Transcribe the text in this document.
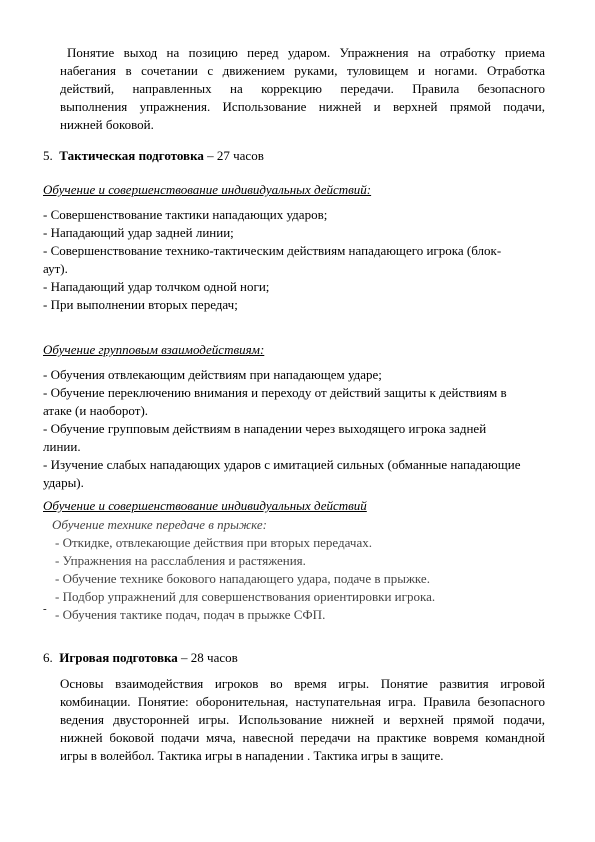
Понятие выход на позицию перед ударом. Упражнения на отработку приема
набегания в сочетании с движением руками, туловищем и ногами. Отработка
действий, направленных на коррекцию передачи. Правила безопасного
выполнения упражнения. Использование нижней и верхней прямой подачи,
нижней боковой.
5. Тактическая подготовка – 27 часов
Обучение и совершенствование индивидуальных действий:
- Совершенствование тактики нападающих ударов;
- Нападающий удар задней линии;
- Совершенствование технико-тактическим действиям нападающего игрока (блок-
аут).
- Нападающий удар толчком одной ноги;
- При выполнении вторых передач;
Обучение групповым взаимодействиям:
- Обучения отвлекающим действиям при нападающем ударе;
- Обучение переключению внимания и переходу от действий защиты к действиям в
атаке (и наоборот).
- Обучение групповым действиям в нападении через выходящего игрока задней
линии.
- Изучение слабых нападающих ударов с имитацией сильных (обманные нападающие
удары).
Обучение и совершенствование индивидуальных действий
Обучение технике передаче в прыжке:
- Откидке, отвлекающие действия при вторых передачах.
- Упражнения на расслабления и растяжения.
- Обучение технике бокового нападающего удара, подаче в прыжке.
- Подбор упражнений для совершенствования ориентировки игрока.
- - Обучения тактике подач, подач в прыжке СФП.
6. Игровая подготовка – 28 часов
Основы взаимодействия игроков во время игры. Понятие развития игровой
комбинации. Понятие: оборонительная, наступательная игра. Правила безопасного
ведения двусторонней игры. Использование нижней и верхней прямой подачи,
нижней боковой подачи мяча, навесной передачи на практике вовремя командной
игры в волейбол. Тактика игры в нападении . Тактика игры в защите.
